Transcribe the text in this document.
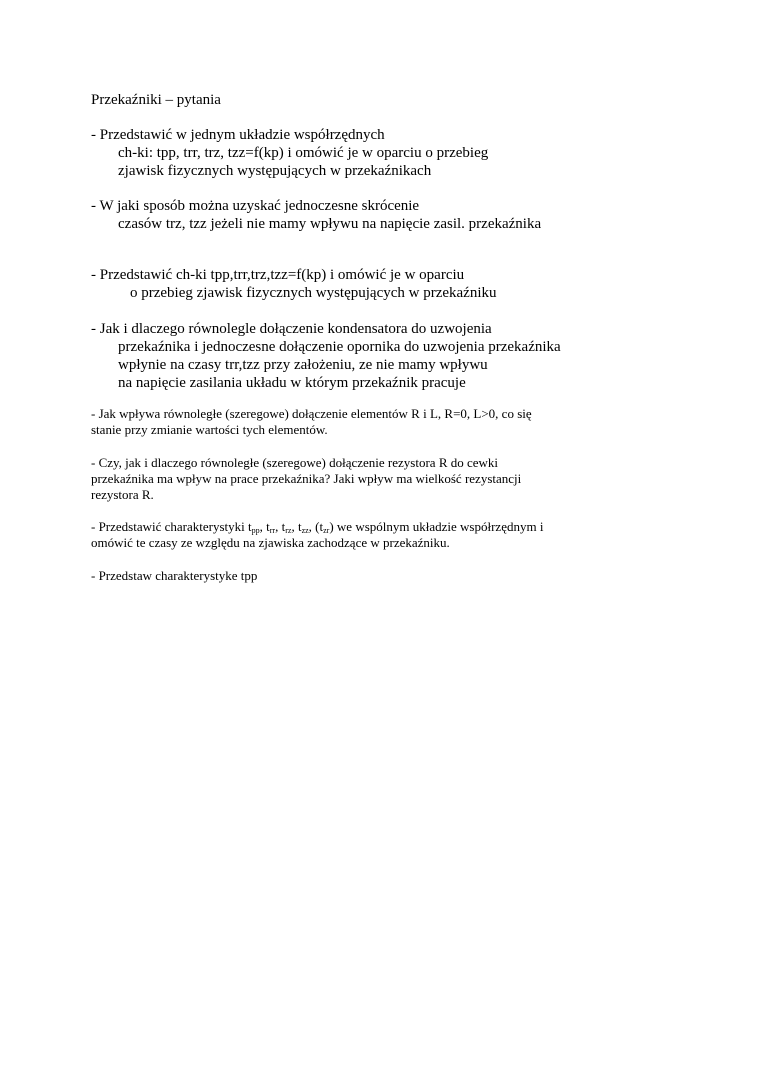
Przekaźniki – pytania
- Przedstawić w jednym układzie współrzędnych
ch-ki: tpp, trr, trz, tzz=f(kp) i omówić je w oparciu o przebieg
zjawisk fizycznych występujących w przekaźnikach
- W jaki sposób można uzyskać jednoczesne skrócenie
czasów trz, tzz jeżeli nie mamy wpływu na napięcie zasil. przekaźnika
- Przedstawić ch-ki tpp,trr,trz,tzz=f(kp) i omówić je w oparciu
o przebieg zjawisk fizycznych występujących w przekaźniku
- Jak i dlaczego równolegle dołączenie kondensatora do uzwojenia
przekaźnika i jednoczesne dołączenie opornika do uzwojenia przekaźnika
wpłynie na czasy trr,tzz przy założeniu, ze nie mamy wpływu
na napięcie zasilania układu w którym przekaźnik pracuje
- Jak wpływa równoległe (szeregowe) dołączenie elementów R i L, R=0, L>0, co się
stanie przy zmianie wartości tych elementów.
- Czy, jak i dlaczego równoległe (szeregowe) dołączenie rezystora R do cewki
przekaźnika ma wpływ na prace przekaźnika? Jaki wpływ ma wielkość rezystancji
rezystora R.
- Przedstawić charakterystyki $t_{pp}$, $t_{rr}$, $t_{rz}$, $t_{zz}$, $(t_{zr})$ we wspólnym układzie współrzędnym i
omówić te czasy ze względu na zjawiska zachodzące w przekaźniku.
- Przedstaw charakterystyke tpp
